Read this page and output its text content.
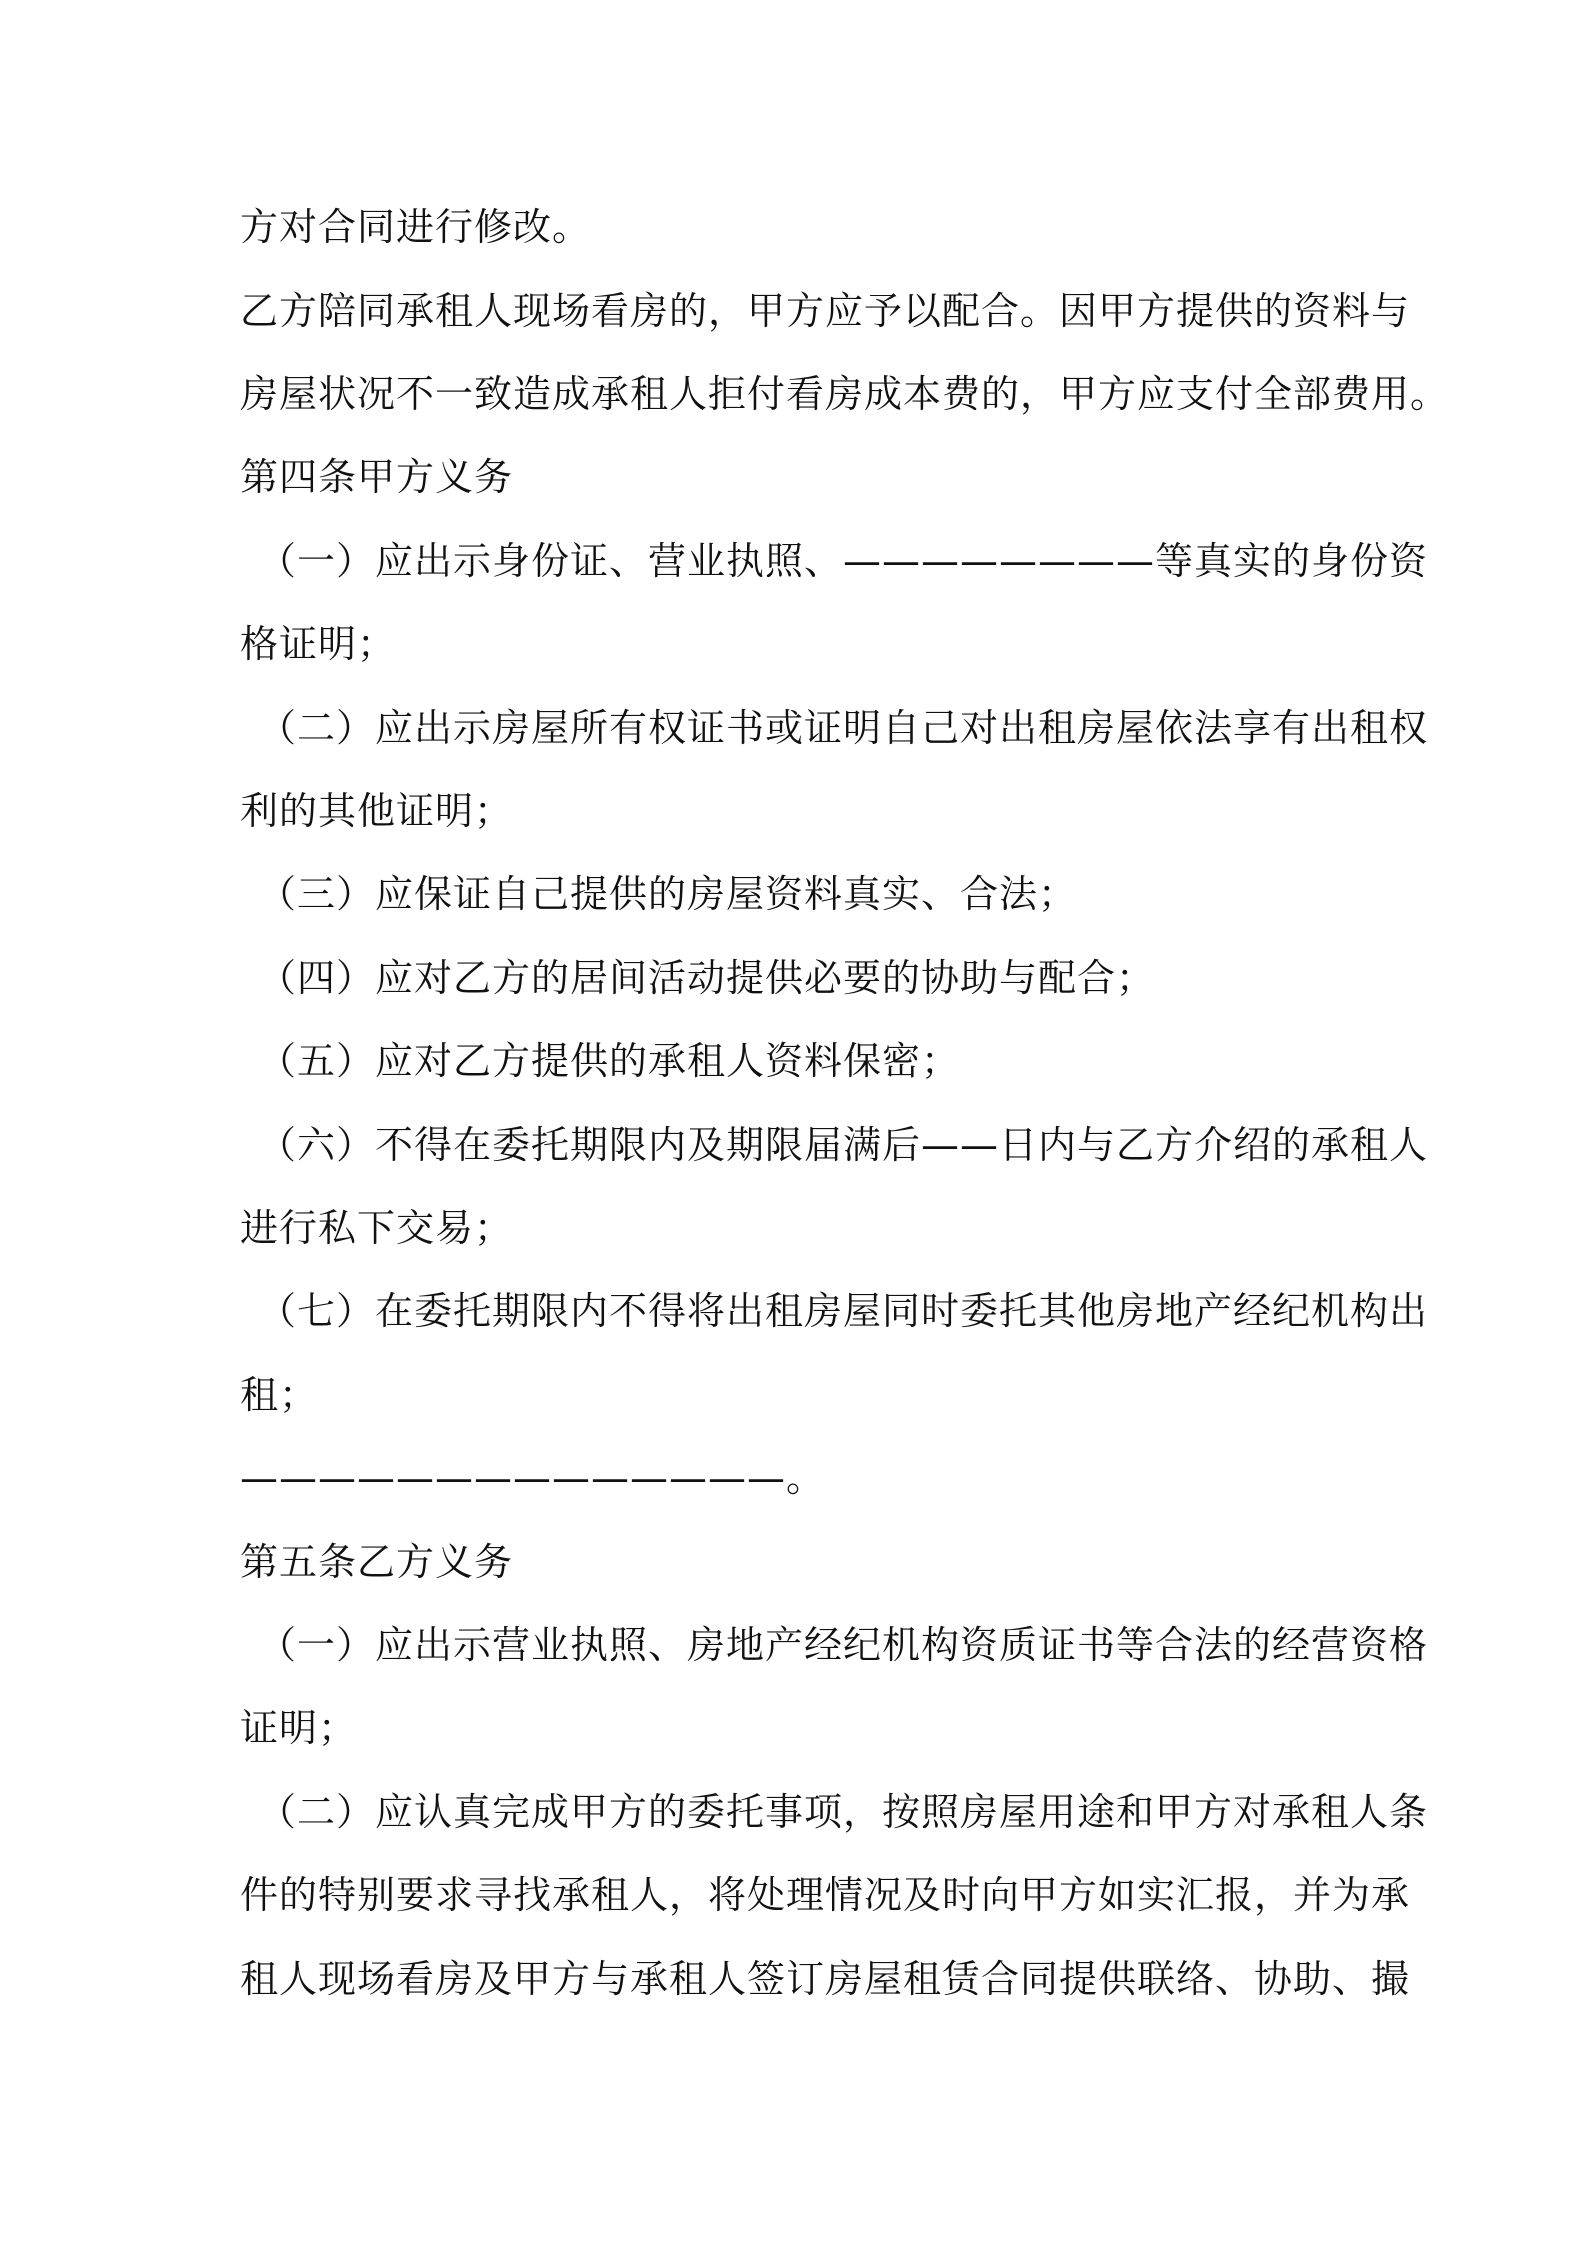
方对合同进行修改。
乙方陪同承租人现场看房的，甲方应予以配合。因甲方提供的资料与
房屋状况不一致造成承租人拒付看房成本费的，甲方应支付全部费用。
第四条甲方义务
（一）应出示身份证、营业执照、————————等真实的身份资
格证明；
（二）应出示房屋所有权证书或证明自己对出租房屋依法享有出租权
利的其他证明；
（三）应保证自己提供的房屋资料真实、合法；
（四）应对乙方的居间活动提供必要的协助与配合；
（五）应对乙方提供的承租人资料保密；
（六）不得在委托期限内及期限届满后——日内与乙方介绍的承租人
进行私下交易；
（七）在委托期限内不得将出租房屋同时委托其他房地产经纪机构出
租；
——————————————。
第五条乙方义务
（一）应出示营业执照、房地产经纪机构资质证书等合法的经营资格
证明；
（二）应认真完成甲方的委托事项，按照房屋用途和甲方对承租人条
件的特别要求寻找承租人，将处理情况及时向甲方如实汇报，并为承
租人现场看房及甲方与承租人签订房屋租赁合同提供联络、协助、撮
